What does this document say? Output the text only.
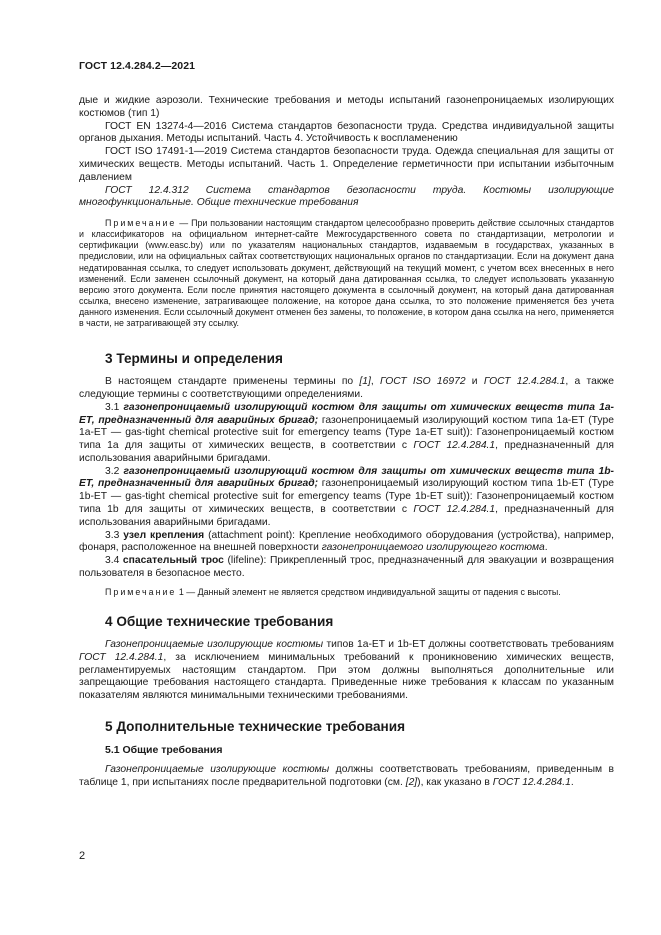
ГОСТ 12.4.284.2—2021

дые и жидкие аэрозоли. Технические требования и методы испытаний газонепроницаемых изолирующих костюмов (тип 1)

ГОСТ EN 13274-4—2016 Система стандартов безопасности труда. Средства индивидуальной защиты органов дыхания. Методы испытаний. Часть 4. Устойчивость к воспламенению

ГОСТ ISO 17491-1—2019 Система стандартов безопасности труда. Одежда специальная для защиты от химических веществ. Методы испытаний. Часть 1. Определение герметичности при испытании избыточным давлением

ГОСТ 12.4.312 Система стандартов безопасности труда. Костюмы изолирующие многофункциональные. Общие технические требования

Примечание — При пользовании настоящим стандартом целесообразно проверить действие ссылочных стандартов и классификаторов на официальном интернет-сайте Межгосударственного совета по стандартизации, метрологии и сертификации (www.easc.by) или по указателям национальных стандартов, издаваемым в государствах, указанных в предисловии, или на официальных сайтах соответствующих национальных органов по стандартизации. Если на документ дана недатированная ссылка, то следует использовать документ, действующий на текущий момент, с учетом всех внесенных в него изменений. Если заменен ссылочный документ, на который дана датированная ссылка, то следует использовать указанную версию этого документа. Если после принятия настоящего документа в ссылочный документ, на который дана датированная ссылка, внесено изменение, затрагивающее положение, на которое дана ссылка, то это положение применяется без учета данного изменения. Если ссылочный документ отменен без замены, то положение, в котором дана ссылка на него, применяется в части, не затрагивающей эту ссылку.

3 Термины и определения

В настоящем стандарте применены термины по [1], ГОСТ ISO 16972 и ГОСТ 12.4.284.1, а также следующие термины с соответствующими определениями.

3.1 газонепроницаемый изолирующий костюм для защиты от химических веществ типа 1а-ЕТ, предназначенный для аварийных бригад; газонепроницаемый изолирующий костюм типа 1а-ЕТ (Type 1a-ET — gas-tight chemical protective suit for emergency teams (Type 1a-ET suit)): Газонепроницаемый костюм типа 1а для защиты от химических веществ, в соответствии с ГОСТ 12.4.284.1, предназначенный для использования аварийными бригадами.

3.2 газонепроницаемый изолирующий костюм для защиты от химических веществ типа 1b-ET, предназначенный для аварийных бригад; газонепроницаемый изолирующий костюм типа 1b-ET (Type 1b-ET — gas-tight chemical protective suit for emergency teams (Type 1b-ET suit)): Газонепроницаемый костюм типа 1b для защиты от химических веществ, в соответствии с ГОСТ 12.4.284.1, предназначенный для использования аварийными бригадами.

3.3 узел крепления (attachment point): Крепление необходимого оборудования (устройства), например, фонаря, расположенное на внешней поверхности газонепроницаемого изолирующего костюма.

3.4 спасательный трос (lifeline): Прикрепленный трос, предназначенный для эвакуации и возвращения пользователя в безопасное место.

Примечание 1 — Данный элемент не является средством индивидуальной защиты от падения с высоты.

4 Общие технические требования

Газонепроницаемые изолирующие костюмы типов 1a-ET и 1b-ET должны соответствовать требованиям ГОСТ 12.4.284.1, за исключением минимальных требований к проникновению химических веществ, регламентируемых настоящим стандартом. При этом должны выполняться дополнительные или запрещающие требования настоящего стандарта. Приведенные ниже требования к классам по указанным показателям являются минимальными техническими требованиями.

5 Дополнительные технические требования
5.1 Общие требования

Газонепроницаемые изолирующие костюмы должны соответствовать требованиям, приведенным в таблице 1, при испытаниях после предварительной подготовки (см. [2]), как указано в ГОСТ 12.4.284.1.

2
